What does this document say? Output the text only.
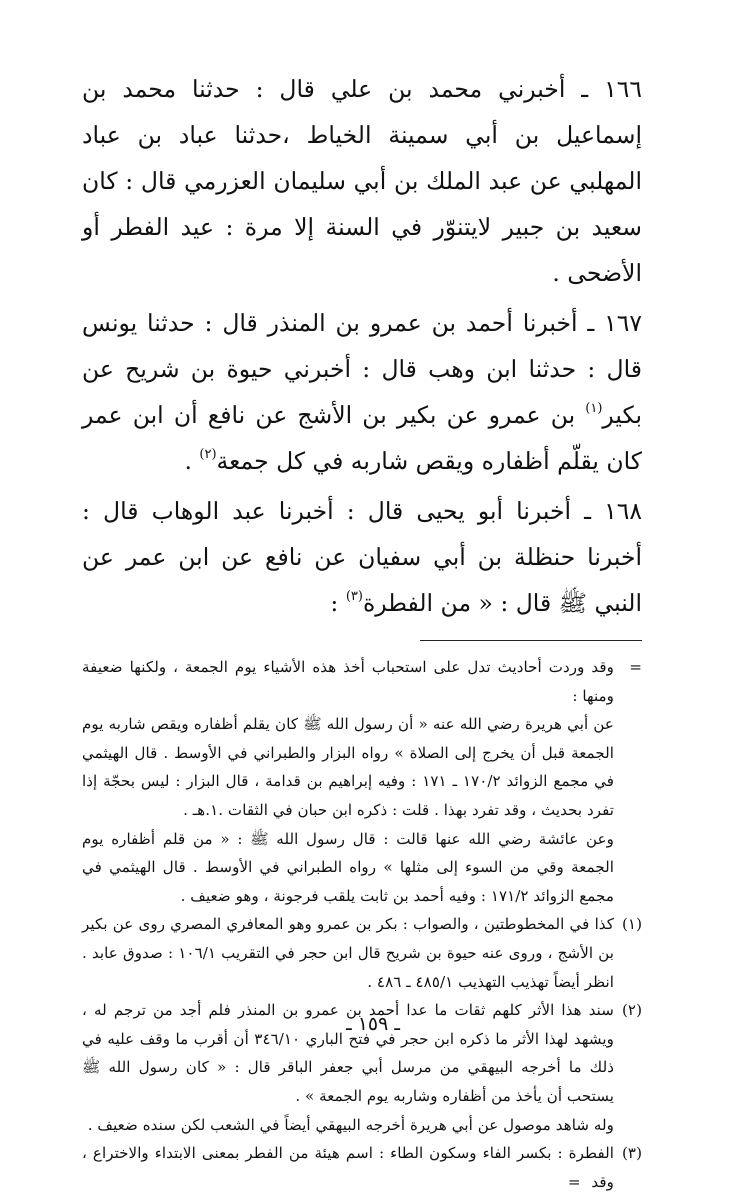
١٦٦ ـ أخبرني محمد بن علي قال : حدثنا محمد بن إسماعيل بن أبي سمينة الخياط ،حدثنا عباد بن عباد المهلبي عن عبد الملك بن أبي سليمان العزرمي قال : كان سعيد بن جبير لايتنوّر في السنة إلا مرة : عيد الفطر أو الأضحى .

١٦٧ ـ أخبرنا أحمد بن عمرو بن المنذر قال : حدثنا يونس قال : حدثنا ابن وهب قال : أخبرني حيوة بن شريح عن بكير$^{(١)}$ بن عمرو عن بكير بن الأشج عن نافع أن ابن عمر كان يقلّم أظفاره ويقص شاربه في كل جمعة$^{(٢)}$ .

١٦٨ ـ أخبرنا أبو يحيى قال : أخبرنا عبد الوهاب قال : أخبرنا حنظلة بن أبي سفيان عن نافع عن ابن عمر عن النبي ﷺ قال : « من الفطرة$^{(٣)}$ :

=
وقد وردت أحاديث تدل على استحباب أخذ هذه الأشياء يوم الجمعة ، ولكنها ضعيفة ومنها :
عن أبي هريرة رضي الله عنه « أن رسول الله ﷺ كان يقلم أظفاره ويقص شاربه يوم الجمعة قبل أن يخرج إلى الصلاة » رواه البزار والطبراني في الأوسط . قال الهيثمي في مجمع الزوائد ١٧٠/٢ ـ ١٧١ : وفيه إبراهيم بن قدامة ، قال البزار : ليس بحجّة إذا تفرد بحديث ، وقد تفرد بهذا . قلت : ذكره ابن حبان في الثقات .١.هـ .
وعن عائشة رضي الله عنها قالت : قال رسول الله ﷺ : « من قلم أظفاره يوم الجمعة وقي من السوء إلى مثلها » رواه الطبراني في الأوسط . قال الهيثمي في مجمع الزوائد ١٧١/٢ : وفيه أحمد بن ثابت يلقب فرجونة ، وهو ضعيف .
(١)
كذا في المخطوطتين ، والصواب : بكر بن عمرو وهو المعافري المصري روى عن بكير بن الأشج ، وروى عنه حيوة بن شريح قال ابن حجر في التقريب ١٠٦/١ : صدوق عابد . انظر أيضاً تهذيب التهذيب ٤٨٥/١ ـ ٤٨٦ .
(٢)
سند هذا الأثر كلهم ثقات ما عدا أحمد بن عمرو بن المنذر فلم أجد من ترجم له ، ويشهد لهذا الأثر ما ذكره ابن حجر في فتح الباري ٣٤٦/١٠ أن أقرب ما وقف عليه في ذلك ما أخرجه البيهقي من مرسل أبي جعفر الباقر قال : « كان رسول الله ﷺ يستحب أن يأخذ من أظفاره وشاربه يوم الجمعة » .
وله شاهد موصول عن أبي هريرة أخرجه البيهقي أيضاً في الشعب لكن سنده ضعيف .
(٣)
الفطرة : بكسر الفاء وسكون الطاء : اسم هيئة من الفطر بمعنى الابتداء والاختراع ، وقد =
ـ ١٥٩ ـ
